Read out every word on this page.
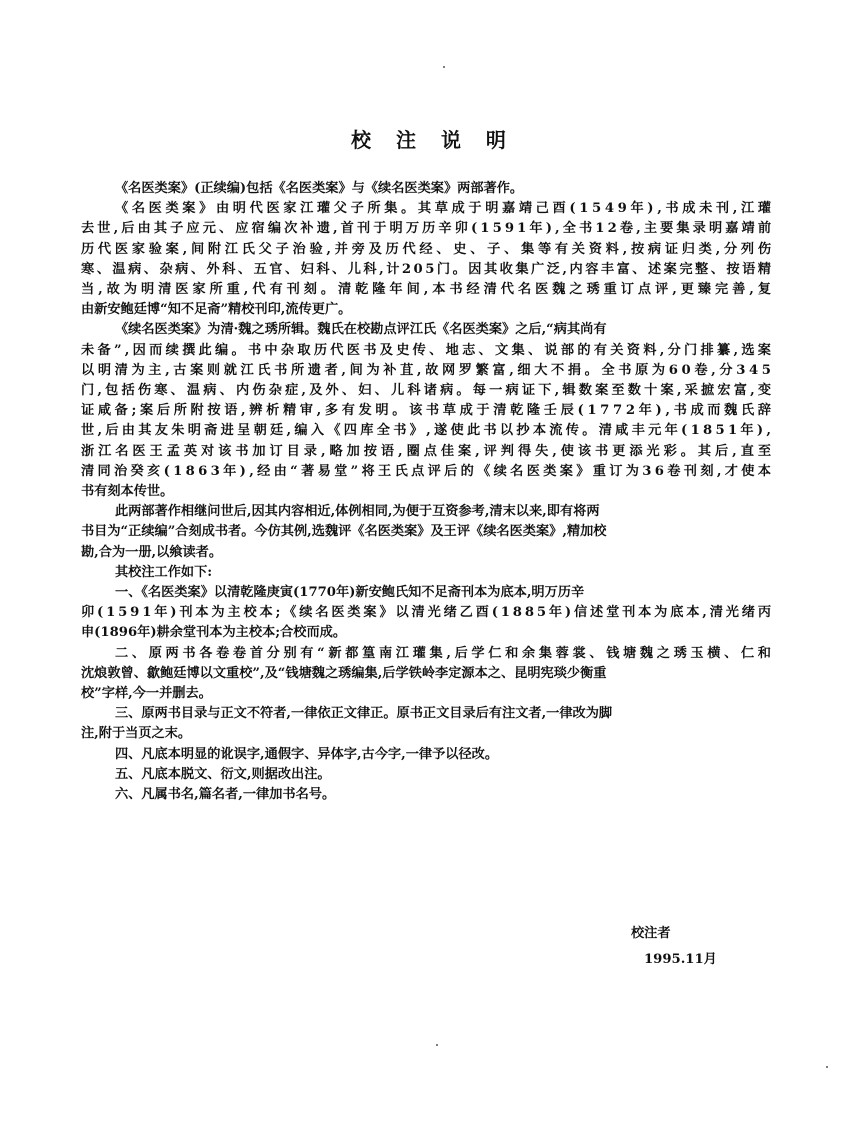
校 注 说 明
《名医类案》(正续编)包括《名医类案》与《续名医类案》两部著作。
《名医类案》由明代医家江瓘父子所集。其草成于明嘉靖己酉(1549年),书成未刊,江瓘
去世,后由其子应元、应宿编次补遗,首刊于明万历辛卯(1591年),全书12卷,主要集录明嘉靖前
历代医家验案,间附江氏父子治验,并旁及历代经、史、子、集等有关资料,按病证归类,分列伤
寒、温病、杂病、外科、五官、妇科、儿科,计205门。因其收集广泛,内容丰富、述案完整、按语精
当,故为明清医家所重,代有刊刻。清乾隆年间,本书经清代名医魏之琇重订点评,更臻完善,复
由新安鲍廷博“知不足斋”精校刊印,流传更广。
《续名医类案》为清·魏之琇所辑。魏氏在校勘点评江氏《名医类案》之后,“病其尚有
未备”,因而续撰此编。书中杂取历代医书及史传、地志、文集、说部的有关资料,分门排纂,选案
以明清为主,古案则就江氏书所遗者,间为补苴,故网罗繁富,细大不捐。全书原为60卷,分345
门,包括伤寒、温病、内伤杂症,及外、妇、儿科诸病。每一病证下,辑数案至数十案,采摭宏富,变
证咸备;案后所附按语,辨析精审,多有发明。该书草成于清乾隆壬辰(1772年),书成而魏氏辞
世,后由其友朱明斋进呈朝廷,编入《四库全书》,遂使此书以抄本流传。清咸丰元年(1851年),
浙江名医王孟英对该书加订目录,略加按语,圈点佳案,评判得失,使该书更添光彩。其后,直至
清同治癸亥(1863年),经由“著易堂”将王氏点评后的《续名医类案》重订为36卷刊刻,才使本
书有刻本传世。
此两部著作相继问世后,因其内容相近,体例相同,为便于互资参考,清末以来,即有将两
书目为“正续编”合刻成书者。今仿其例,选魏评《名医类案》及王评《续名医类案》,精加校
勘,合为一册,以飨读者。
其校注工作如下:
一、《名医类案》以清乾隆庚寅(1770年)新安鲍氏知不足斋刊本为底本,明万历辛
卯(1591年)刊本为主校本;《续名医类案》以清光绪乙酉(1885年)信述堂刊本为底本,清光绪丙
申(1896年)耕余堂刊本为主校本;合校而成。
二、原两书各卷卷首分别有“新都篁南江瓘集,后学仁和余集蓉裳、钱塘魏之琇玉横、仁和
沈烺敦曾、歙鲍廷博以文重校”,及“钱塘魏之琇编集,后学铁岭李定源本之、昆明宪琰少衡重
校”字样,今一并删去。
三、原两书目录与正文不符者,一律依正文律正。原书正文目录后有注文者,一律改为脚
注,附于当页之末。
四、凡底本明显的讹误字,通假字、异体字,古今字,一律予以径改。
五、凡底本脱文、衍文,则据改出注。
六、凡属书名,篇名者,一律加书名号。
校注者
1995.11月
